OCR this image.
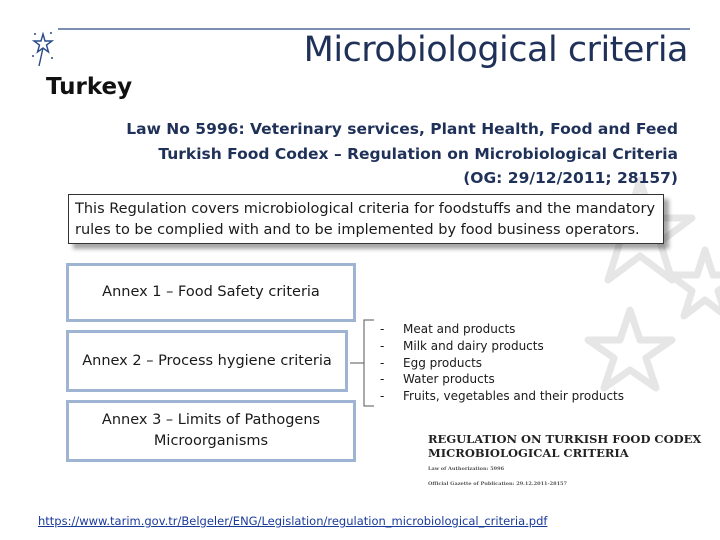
Microbiological criteria
Turkey
Law No 5996: Veterinary services, Plant Health, Food and Feed
Turkish Food Codex – Regulation on Microbiological Criteria
(OG: 29/12/2011; 28157)
This Regulation covers microbiological criteria for foodstuffs and the mandatory rules to be complied with and to be implemented by food business operators.
Annex 1 – Food Safety criteria
Annex 2 – Process hygiene criteria
Annex 3 – Limits of Pathogens Microorganisms
-
-
-
-
-
Meat and products
Milk and dairy products
Egg products
Water products
Fruits, vegetables and their products
REGULATION ON TURKISH FOOD CODEX
MICROBIOLOGICAL CRITERIA
Law of Authorization: 5996
Official Gazette of Publication: 29.12.2011-28157
https://www.tarim.gov.tr/Belgeler/ENG/Legislation/regulation_microbiological_criteria.pdf
